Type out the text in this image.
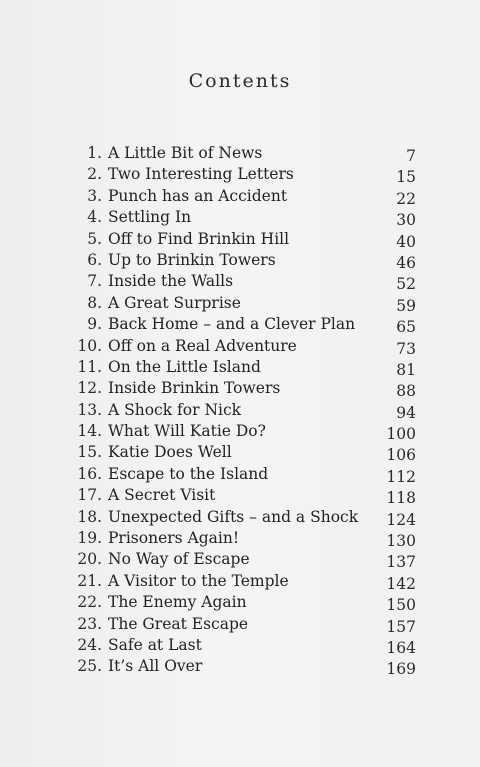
Contents
1. A Little Bit of News	7
2. Two Interesting Letters	15
3. Punch has an Accident	22
4. Settling In	30
5. Off to Find Brinkin Hill	40
6. Up to Brinkin Towers	46
7. Inside the Walls	52
8. A Great Surprise	59
9. Back Home – and a Clever Plan	65
10. Off on a Real Adventure	73
11. On the Little Island	81
12. Inside Brinkin Towers	88
13. A Shock for Nick	94
14. What Will Katie Do?	100
15. Katie Does Well	106
16. Escape to the Island	112
17. A Secret Visit	118
18. Unexpected Gifts – and a Shock	124
19. Prisoners Again!	130
20. No Way of Escape	137
21. A Visitor to the Temple	142
22. The Enemy Again	150
23. The Great Escape	157
24. Safe at Last	164
25. It’s All Over	169
